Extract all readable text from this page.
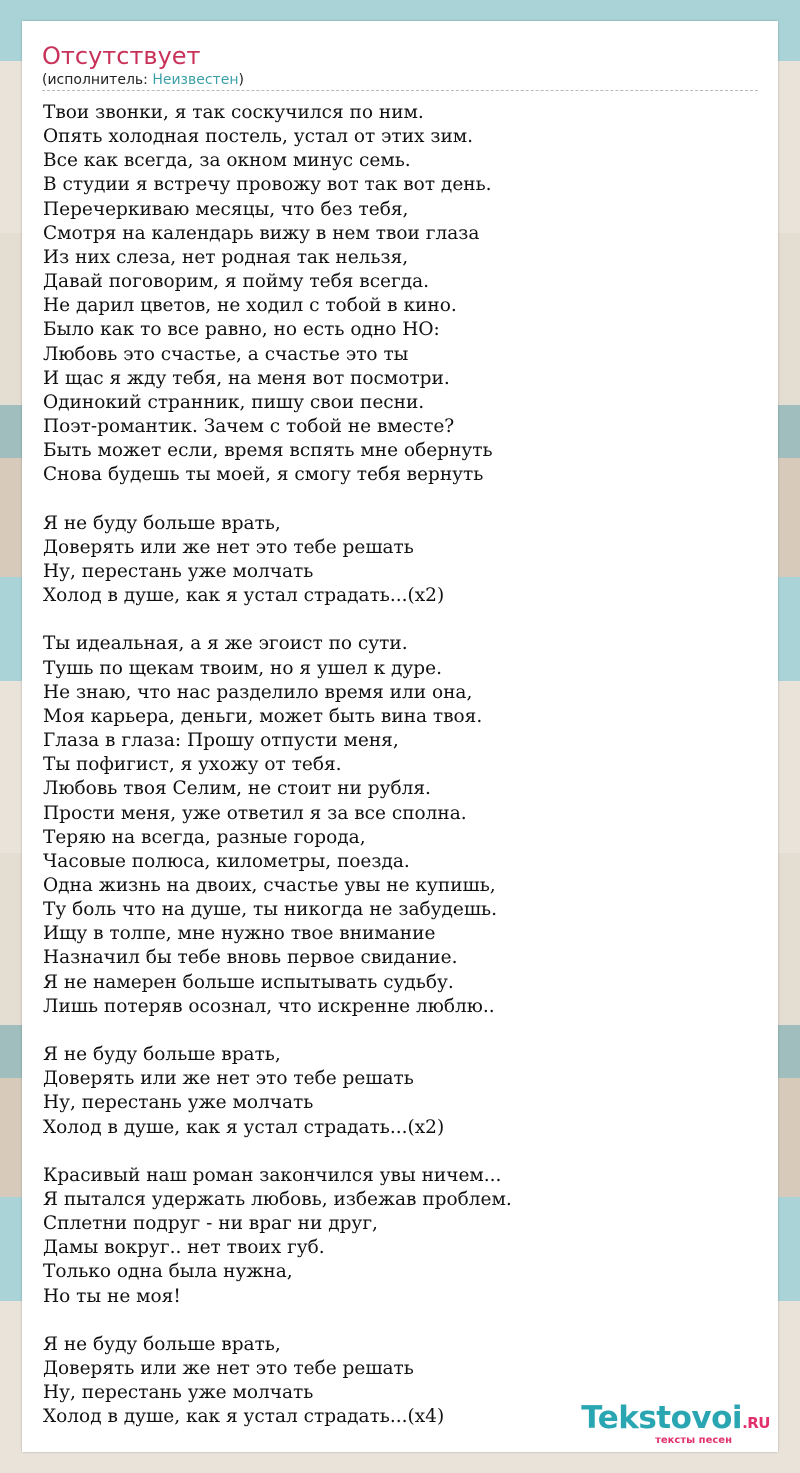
Отсутствует
(исполнитель: Неизвестен)
Твои звонки, я так соскучился по ним.
Опять холодная постель, устал от этих зим.
Все как всегда, за окном минус семь.
В студии я встречу провожу вот так вот день.
Перечеркиваю месяцы, что без тебя,
Смотря на календарь вижу в нем твои глаза
Из них слеза, нет родная так нельзя,
Давай поговорим, я пойму тебя всегда.
Не дарил цветов, не ходил с тобой в кино.
Было как то все равно, но есть одно НО:
Любовь это счастье, а счастье это ты
И щас я жду тебя, на меня вот посмотри.
Одинокий странник, пишу свои песни.
Поэт-романтик. Зачем с тобой не вместе?
Быть может если, время вспять мне обернуть
Снова будешь ты моей, я смогу тебя вернуть
Я не буду больше врать,
Доверять или же нет это тебе решать
Ну, перестань уже молчать
Холод в душе, как я устал страдать...(x2)
Ты идеальная, а я же эгоист по сути.
Тушь по щекам твоим, но я ушел к дуре.
Не знаю, что нас разделило время или она,
Моя карьера, деньги, может быть вина твоя.
Глаза в глаза: Прошу отпусти меня,
Ты пофигист, я ухожу от тебя.
Любовь твоя Селим, не стоит ни рубля.
Прости меня, уже ответил я за все сполна.
Теряю на всегда, разные города,
Часовые полюса, километры, поезда.
Одна жизнь на двоих, счастье увы не купишь,
Ту боль что на душе, ты никогда не забудешь.
Ищу в толпе, мне нужно твое внимание
Назначил бы тебе вновь первое свидание.
Я не намерен больше испытывать судьбу.
Лишь потеряв осознал, что искренне люблю..
Я не буду больше врать,
Доверять или же нет это тебе решать
Ну, перестань уже молчать
Холод в душе, как я устал страдать...(x2)
Красивый наш роман закончился увы ничем...
Я пытался удержать любовь, избежав проблем.
Сплетни подруг - ни враг ни друг,
Дамы вокруг.. нет твоих губ.
Только одна была нужна,
Но ты не моя!
Я не буду больше врать,
Доверять или же нет это тебе решать
Ну, перестань уже молчать
Холод в душе, как я устал страдать...(x4)	Tekstovoi.RU
тексты песен
